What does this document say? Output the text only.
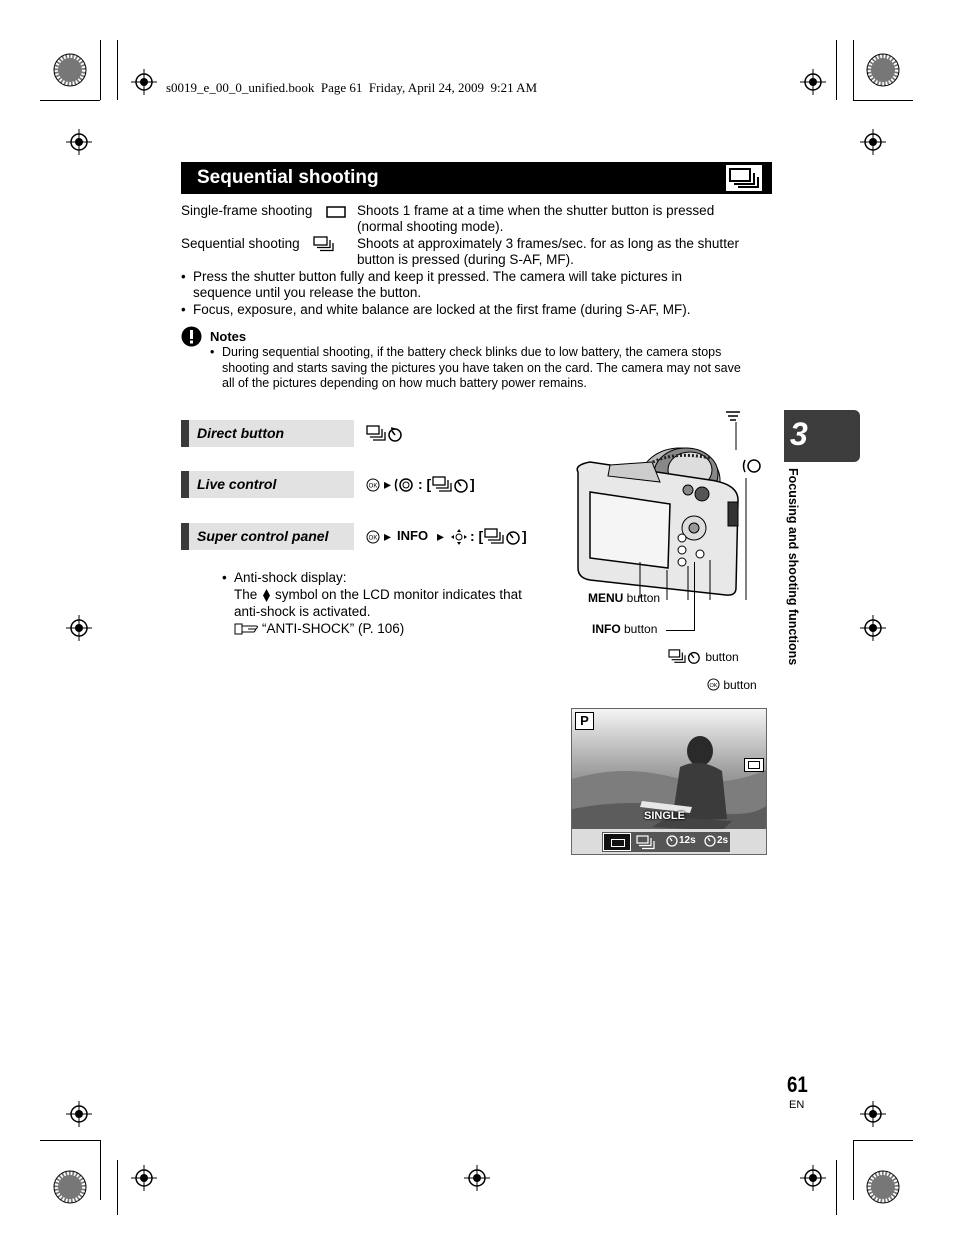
s0019_e_00_0_unified.book  Page 61  Friday, April 24, 2009  9:21 AM
Sequential shooting
Single-frame shooting	Shoots 1 frame at a time when the shutter button is pressed
(normal shooting mode).
Sequential shooting	Shoots at approximately 3 frames/sec. for as long as the shutter
button is pressed (during S-AF, MF).
• Press the shutter button fully and keep it pressed. The camera will take pictures in
sequence until you release the button.
• Focus, exposure, and white balance are locked at the first frame (during S-AF, MF).
Notes
• During sequential shooting, if the battery check blinks due to low battery, the camera stops
shooting and starts saving the pictures you have taken on the card. The camera may not save
all of the pictures depending on how much battery power remains.
Direct button
Live control	OK ▸ : [	]
Super control panel	OK ▸ INFO ▸ : [	]
• Anti-shock display:
The symbol on the LCD monitor indicates that
anti-shock is activated.
“ANTI-SHOCK” (P. 106)
MENU button
INFO button
button
OK button
P
SINGLE
12s 2s
3
Focusing and shooting functions
61
EN
